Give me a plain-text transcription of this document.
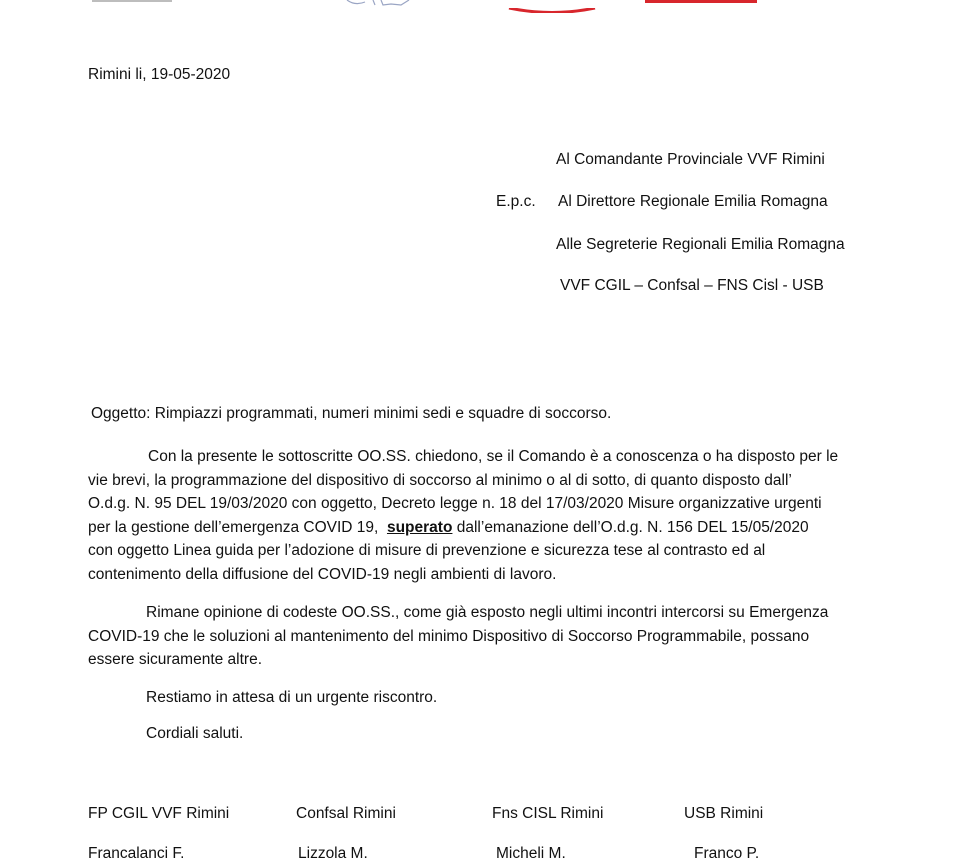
Rimini li, 19-05-2020
Al Comandante Provinciale VVF Rimini
E.p.c. Al Direttore Regionale Emilia Romagna
Alle Segreterie Regionali Emilia Romagna
VVF CGIL – Confsal – FNS Cisl - USB
Oggetto: Rimpiazzi programmati, numeri minimi sedi e squadre di soccorso.
Con la presente le sottoscritte OO.SS. chiedono, se il Comando è a conoscenza o ha disposto per le
vie brevi, la programmazione del dispositivo di soccorso al minimo o al di sotto, di quanto disposto dall’
O.d.g. N. 95 DEL 19/03/2020 con oggetto, Decreto legge n. 18 del 17/03/2020 Misure organizzative urgenti
per la gestione dell’emergenza COVID 19,  superato dall’emanazione dell’O.d.g. N. 156 DEL 15/05/2020
con oggetto Linea guida per l’adozione di misure di prevenzione e sicurezza tese al contrasto ed al
contenimento della diffusione del COVID-19 negli ambienti di lavoro.
Rimane opinione di codeste OO.SS., come già esposto negli ultimi incontri intercorsi su Emergenza
COVID-19 che le soluzioni al mantenimento del minimo Dispositivo di Soccorso Programmabile, possano
essere sicuramente altre.
Restiamo in attesa di un urgente riscontro.
Cordiali saluti.
FP CGIL VVF Rimini	Confsal Rimini	Fns CISL Rimini	USB Rimini
Francalanci F.	Lizzola M.	Micheli M.	Franco P.
